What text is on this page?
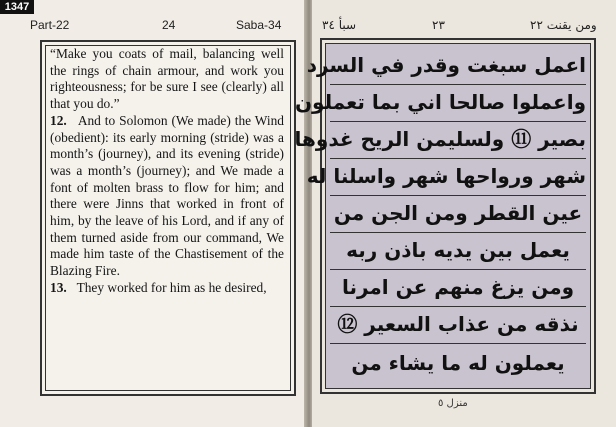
1347
Part-22	24	Saba-34	سبأ ٣٤	٢٣	ومن يقنت ٢٢

“Make you coats of mail, balancing well the rings of chain armour, and work you righteousness; for be sure I see (clearly) all that you do.”

12. And to Solomon (We made) the Wind (obedient): its early morning (stride) was a month’s (journey), and its evening (stride) was a month’s (journey); and We made a font of molten brass to flow for him; and there were Jinns that worked in front of him, by the leave of his Lord, and if any of them turned aside from our command, We made him taste of the Chastisement of the Blazing Fire.

13. They worked for him as he desired,

اعمل سبغت وقدر في السرد
واعملوا صالحا اني بما تعملون
بصير ⑪ ولسليمن الريح غدوها
شهر ورواحها شهر واسلنا له
عين القطر ومن الجن من
يعمل بين يديه باذن ربه
ومن يزغ منهم عن امرنا
نذقه من عذاب السعير ⑫
يعملون له ما يشاء من
منزل ٥
